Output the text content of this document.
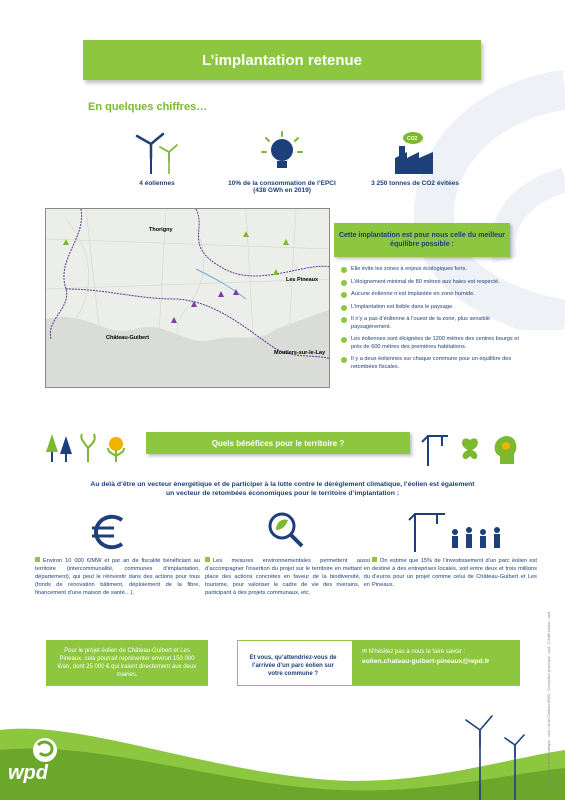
L’implantation retenue
En quelques chiffres…
4 éoliennes	10% de la consommation de l’EPCI (438 GWh en 2019)
CO2
3 250 tonnes de CO2 évitées
Thorigny
Les Pineaux
Château-Guibert
Moutiers-sur-le-Lay
Cette implantation est pour nous celle du meilleur équilibre possible :
Elle évite les zones à enjeux écologiques forts.
L’éloignement minimal de 80 mètres aux haies est respecté.
Aucune éolienne n’est implantée en zone humide.
L’implantation est lisible dans le paysage.
Il n’y a pas d’éolienne à l’ouest de la zone, plus sensible paysagèrement.
Les éoliennes sont éloignées de 1200 mètres des centres bourgs et près de 600 mètres des premières habitations.
Il y a deux éoliennes sur chaque commune pour un équilibre des retombées fiscales.
Quels bénéfices pour le territoire ?
Au delà d’être un vecteur énergétique et de participer à la lutte contre le dérèglement climatique, l’éolien est également un vecteur de retombées économiques pour le territoire d’implantation :
Environ 10 000 €/MW et par an de fiscalité bénéficiant au territoire (intercommunalité, communes d’implantation, département), qui peut le réinvestir dans des actions pour tous (fonds de rénovation bâtiment, déploiement de la fibre, financement d’une maison de santé…).
Les mesures environnementales permettent aussi d’accompagner l’insertion du projet sur le territoire en mettant en place des actions concrètes en faveur de la biodiversité, du tourisme, pour valoriser le cadre de vie des riverains, en participant à des projets communaux, etc.
On estime que 15% de l’investissement d’un parc éolien est destiné à des entreprises locales, soit entre deux et trois millions d’euros pour un projet comme celui de Château-Guibert et Les Pineaux.
Pour le projet éolien de Château-Guibert et Les Pineaux, cela pourrait représenter environ 150 000 €/an, dont 25 000 € qui iraient directement aux deux mairies.
Et vous, qu’attendriez-vous de l’arrivée d’un parc éolien sur votre commune ?
✉ N’hésitez pas à nous le faire savoir :
eolien.chateau-guibert-pineaux@wpd.fr
wpd	Ne pas jeter sur la voie publique - wpd, rue du Château 85200 - Conception graphique : wpd - Crédits photos : wpd
